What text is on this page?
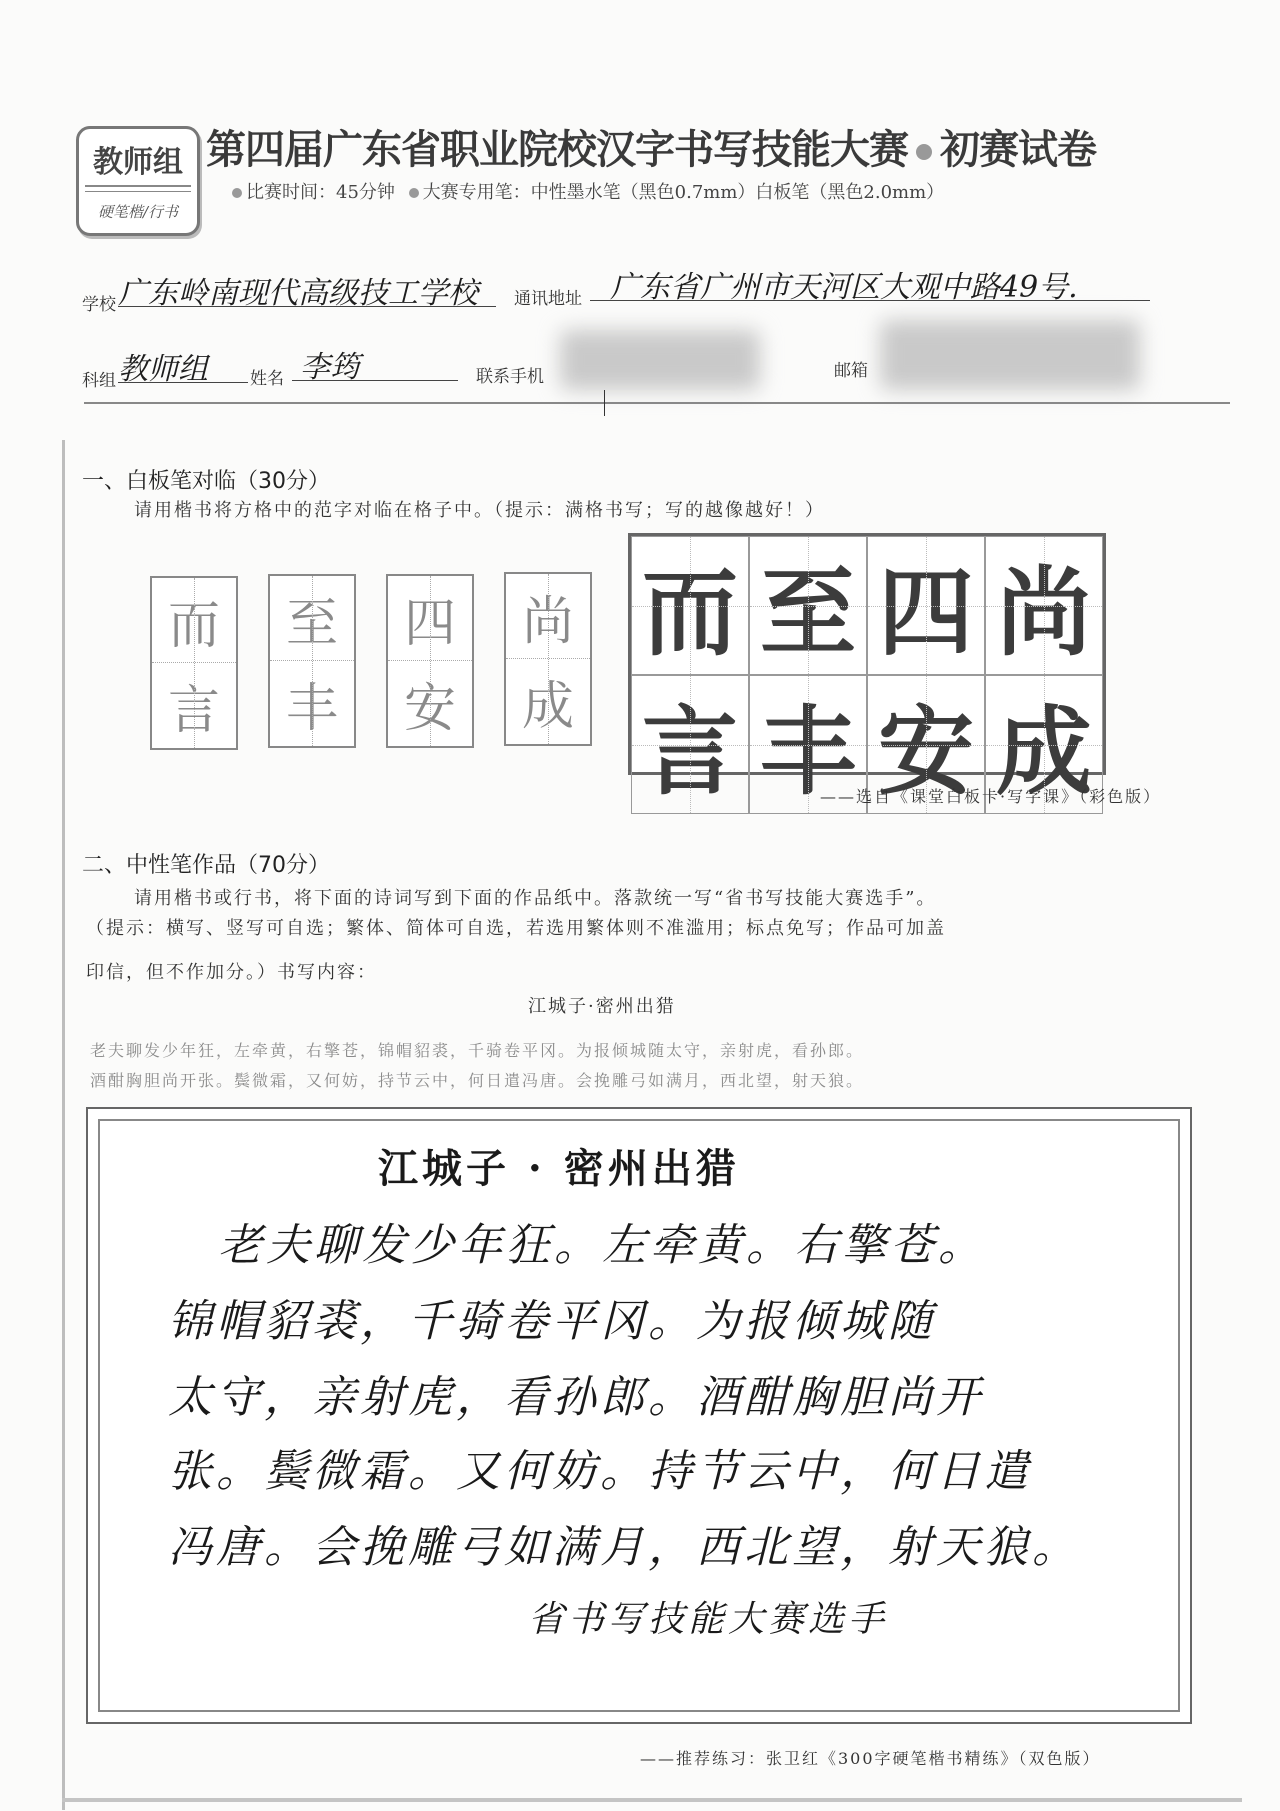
教师组
硬笔楷/行书
第四届广东省职业院校汉字书写技能大赛 初赛试卷
比赛时间：45分钟 大赛专用笔：中性墨水笔（黑色0.7mm）白板笔（黑色2.0mm）
学校 广东岭南现代高级技工学校	通讯地址 广东省广州市天河区大观中路49号.
科组 教师组	姓名 李筠	联系手机	邮箱
一、白板笔对临（30分）
请用楷书将方格中的范字对临在格子中。（提示：满格书写；写的越像越好！）
而
言
至
丰
四
安
尚
成
而 至 四 尚
言 丰 安 成
——选自《课堂白板卡·写字课》（彩色版）
二、中性笔作品（70分）
请用楷书或行书，将下面的诗词写到下面的作品纸中。落款统一写“省书写技能大赛选手”。
（提示：横写、竖写可自选；繁体、简体可自选，若选用繁体则不准滥用；标点免写；作品可加盖
印信，但不作加分。）书写内容：
江城子·密州出猎
老夫聊发少年狂，左牵黄，右擎苍，锦帽貂裘，千骑卷平冈。为报倾城随太守，亲射虎，看孙郎。
酒酣胸胆尚开张。鬓微霜，又何妨，持节云中，何日遣冯唐。会挽雕弓如满月，西北望，射天狼。
江城子 · 密州出猎
老夫聊发少年狂。左牵黄。右擎苍。
锦帽貂裘，千骑卷平冈。为报倾城随
太守，亲射虎，看孙郎。酒酣胸胆尚开
张。鬓微霜。又何妨。持节云中，何日遣
冯唐。会挽雕弓如满月，西北望，射天狼。
省书写技能大赛选手
——推荐练习：张卫红《300字硬笔楷书精练》（双色版）
